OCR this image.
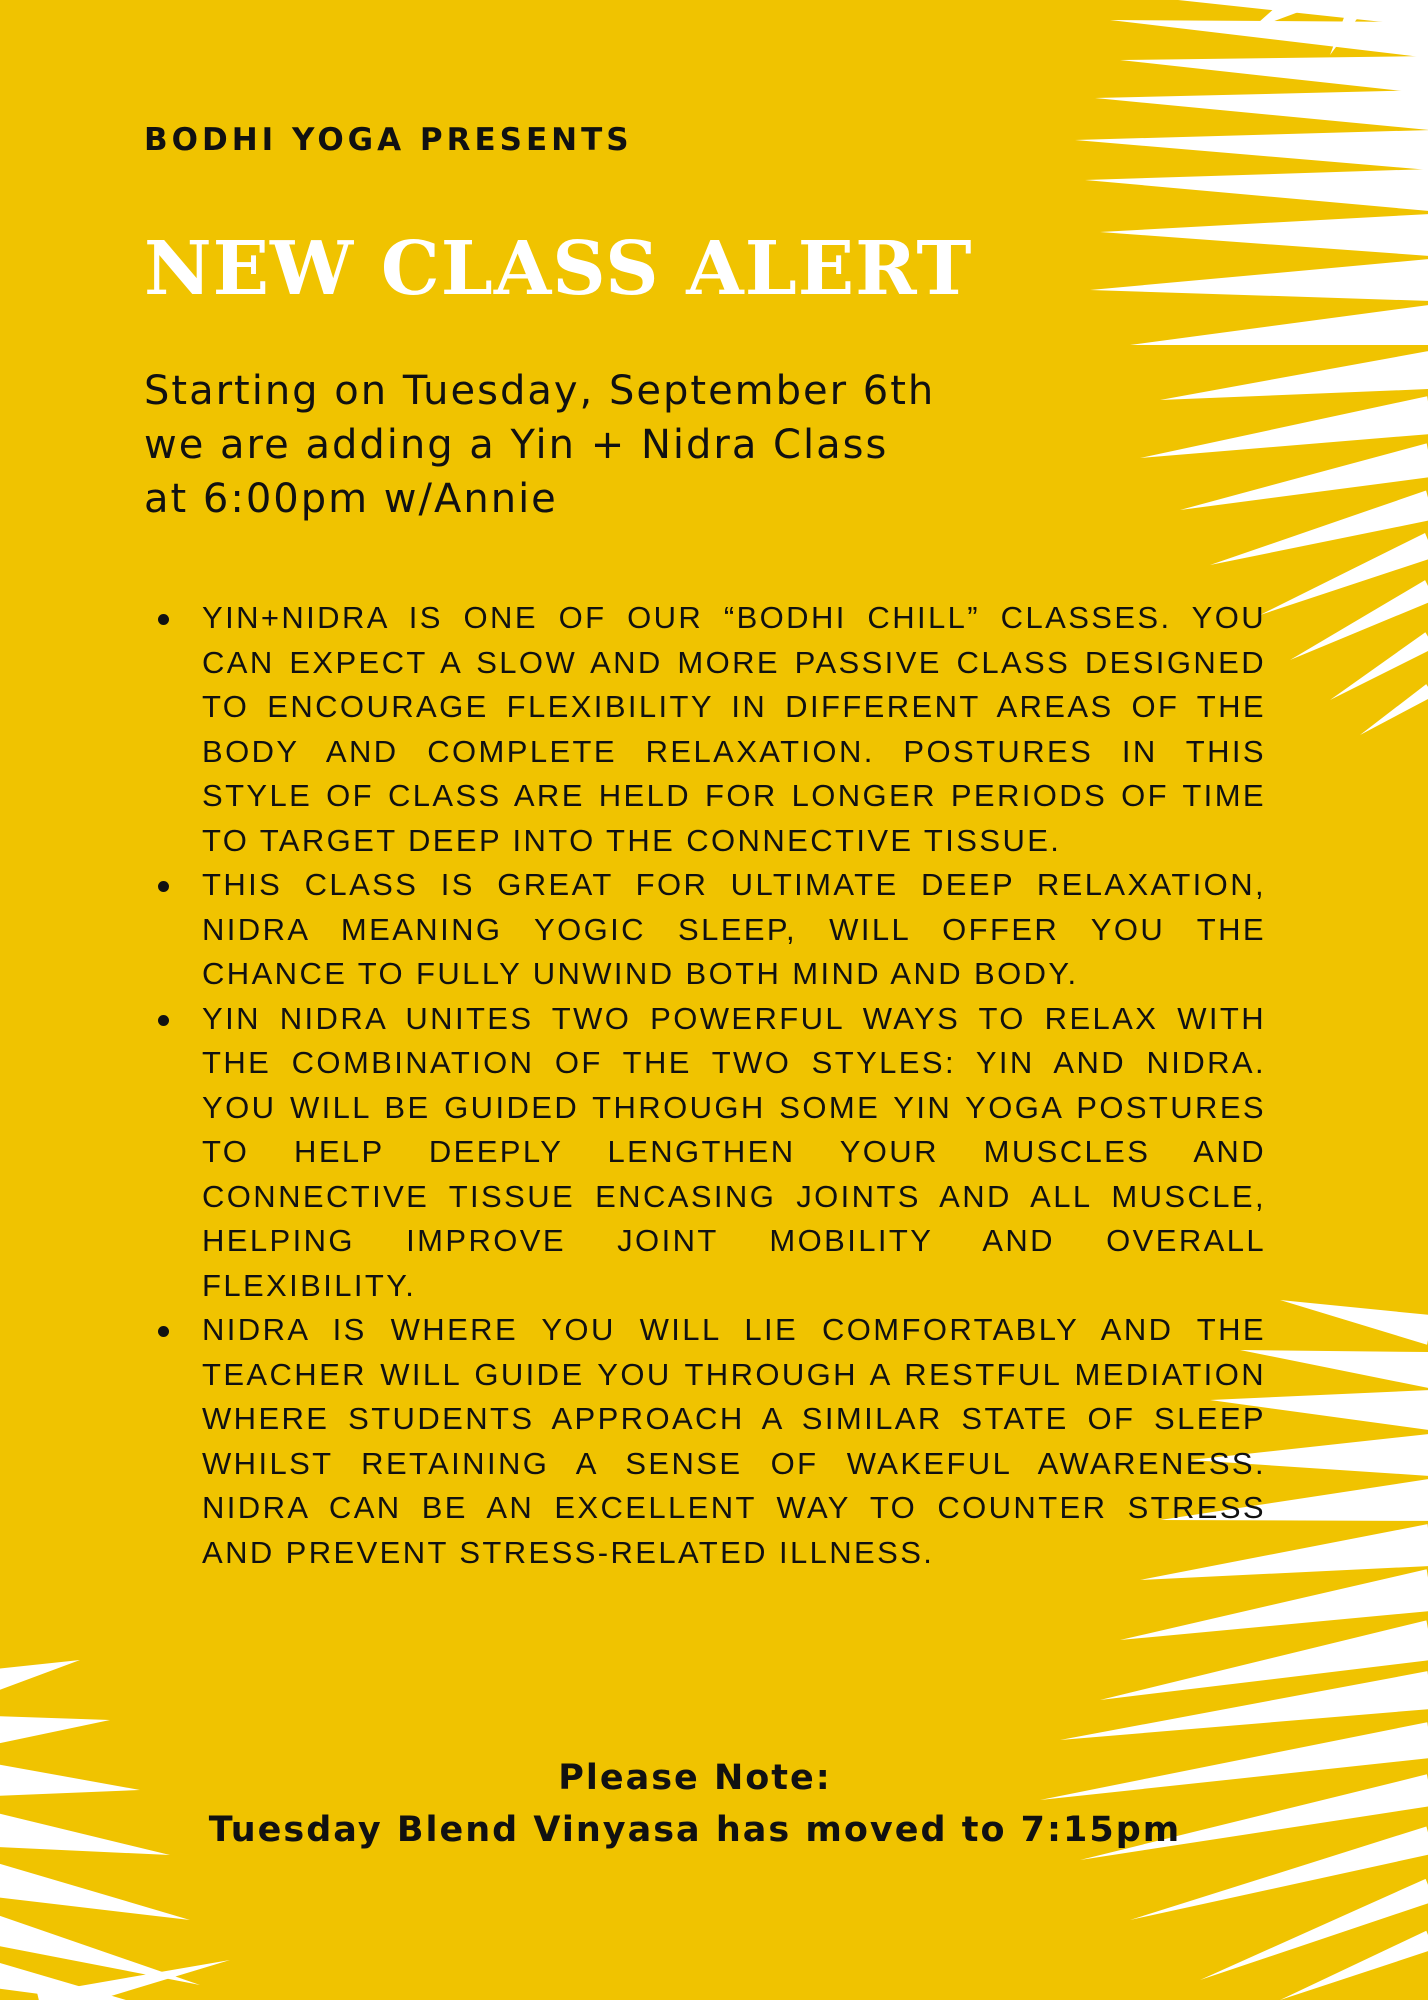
BODHI YOGA PRESENTS
NEW CLASS ALERT
Starting on Tuesday, September 6th
we are adding a Yin + Nidra Class
at 6:00pm w/Annie
YIN+NIDRA IS ONE OF OUR “BODHI CHILL” CLASSES. YOU CAN EXPECT A SLOW AND MORE PASSIVE CLASS DESIGNED TO ENCOURAGE FLEXIBILITY IN DIFFERENT AREAS OF THE BODY AND COMPLETE RELAXATION. POSTURES IN THIS STYLE OF CLASS ARE HELD FOR LONGER PERIODS OF TIME TO TARGET DEEP INTO THE CONNECTIVE TISSUE.
THIS CLASS IS GREAT FOR ULTIMATE DEEP RELAXATION, NIDRA MEANING YOGIC SLEEP, WILL OFFER YOU THE CHANCE TO FULLY UNWIND BOTH MIND AND BODY.
YIN NIDRA UNITES TWO POWERFUL WAYS TO RELAX WITH THE COMBINATION OF THE TWO STYLES: YIN AND NIDRA. YOU WILL BE GUIDED THROUGH SOME YIN YOGA POSTURES TO HELP DEEPLY LENGTHEN YOUR MUSCLES AND CONNECTIVE TISSUE ENCASING JOINTS AND ALL MUSCLE, HELPING IMPROVE JOINT MOBILITY AND OVERALL FLEXIBILITY.
NIDRA IS WHERE YOU WILL LIE COMFORTABLY AND THE TEACHER WILL GUIDE YOU THROUGH A RESTFUL MEDIATION WHERE STUDENTS APPROACH A SIMILAR STATE OF SLEEP WHILST RETAINING A SENSE OF WAKEFUL AWARENESS. NIDRA CAN BE AN EXCELLENT WAY TO COUNTER STRESS AND PREVENT STRESS-RELATED ILLNESS.
Please Note:
Tuesday Blend Vinyasa has moved to 7:15pm
